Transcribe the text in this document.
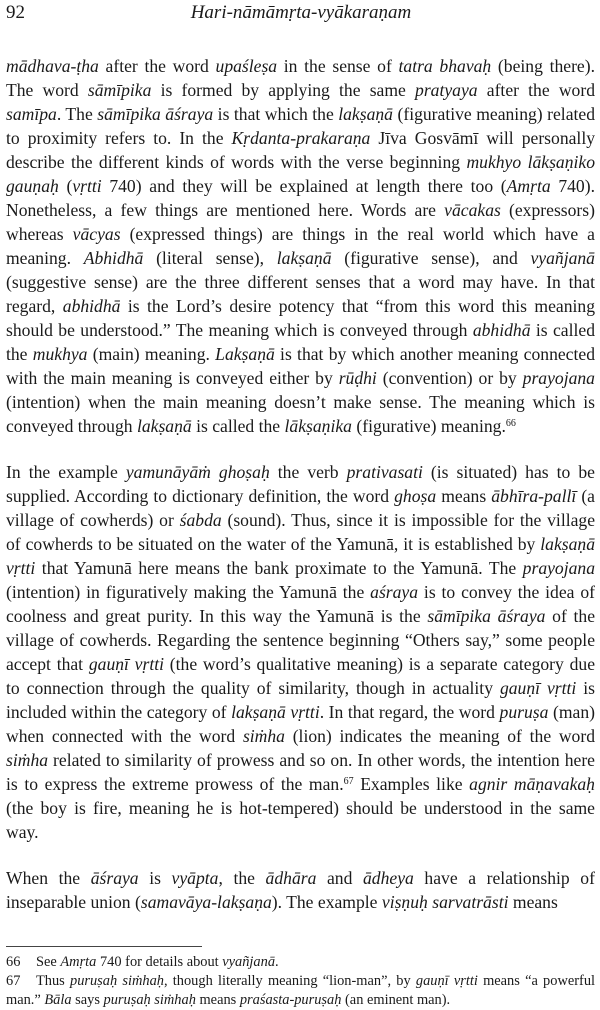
92	Hari-nāmāmṛta-vyākaraṇam

mādhava-ṭha after the word upaśleṣa in the sense of tatra bhavaḥ (being there). The word sāmīpika is formed by applying the same pratyaya after the word samīpa. The sāmīpika āśraya is that which the lakṣaṇā (figurative meaning) related to proximity refers to. In the Kṛdanta-prakaraṇa Jīva Gosvāmī will personally describe the different kinds of words with the verse beginning mukhyo lākṣaṇiko gauṇaḥ (vṛtti 740) and they will be explained at length there too (Amṛta 740). Nonetheless, a few things are mentioned here. Words are vācakas (expressors) whereas vācyas (expressed things) are things in the real world which have a meaning. Abhidhā (literal sense), lakṣaṇā (figurative sense), and vyañjanā (suggestive sense) are the three different senses that a word may have. In that regard, abhidhā is the Lord’s desire potency that “from this word this meaning should be understood.” The meaning which is conveyed through abhidhā is called the mukhya (main) meaning. Lakṣaṇā is that by which another meaning connected with the main meaning is conveyed either by rūḍhi (convention) or by prayojana (intention) when the main meaning doesn’t make sense. The meaning which is conveyed through lakṣaṇā is called the lākṣaṇika (figurative) meaning.$^{66}$

In the example yamunāyāṁ ghoṣaḥ the verb prativasati (is situated) has to be supplied. According to dictionary definition, the word ghoṣa means ābhīra-pallī (a village of cowherds) or śabda (sound). Thus, since it is impossible for the village of cowherds to be situated on the water of the Yamunā, it is established by lakṣaṇā vṛtti that Yamunā here means the bank proximate to the Yamunā. The prayojana (intention) in figuratively making the Yamunā the aśraya is to convey the idea of coolness and great purity. In this way the Yamunā is the sāmīpika āśraya of the village of cowherds. Regarding the sentence beginning “Others say,” some people accept that gauṇī vṛtti (the word’s qualitative meaning) is a separate category due to connection through the quality of similarity, though in actuality gauṇī vṛtti is included within the category of lakṣaṇā vṛtti. In that regard, the word puruṣa (man) when connected with the word siṁha (lion) indicates the meaning of the word siṁha related to similarity of prowess and so on. In other words, the intention here is to express the extreme prowess of the man.$^{67}$ Examples like agnir māṇavakaḥ (the boy is fire, meaning he is hot-tempered) should be understood in the same way.

When the āśraya is vyāpta, the ādhāra and ādheya have a relationship of inseparable union (samavāya-lakṣaṇa). The example viṣṇuḥ sarvatrāsti means

66 See Amṛta 740 for details about vyañjanā.

67 Thus puruṣaḥ siṁhaḥ, though literally meaning “lion-man”, by gauṇī vṛtti means “a powerful man.” Bāla says puruṣaḥ siṁhaḥ means praśasta-puruṣaḥ (an eminent man).
